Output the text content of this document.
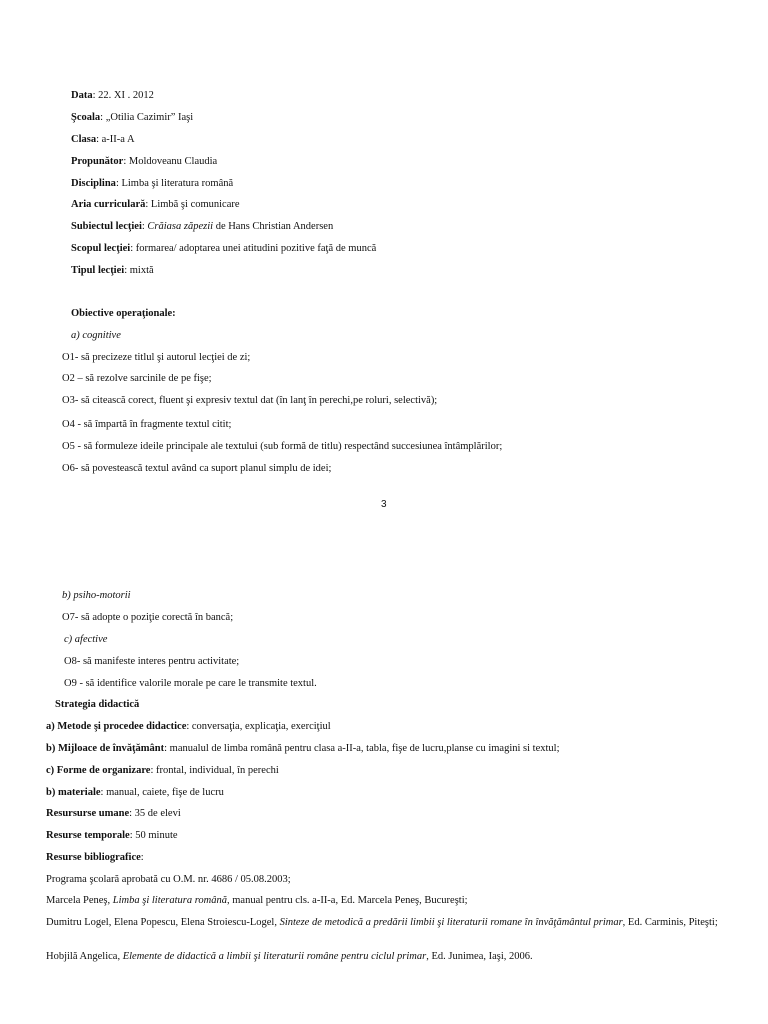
Data: 22. XI . 2012
Şcoala: „Otilia Cazimir” Iaşi
Clasa: a-II-a A
Propunător: Moldoveanu Claudia
Disciplina: Limba şi literatura română
Aria curriculară: Limbă şi comunicare
Subiectul lecţiei: Crăiasa zăpezii de Hans Christian Andersen
Scopul lecţiei: formarea/ adoptarea unei atitudini pozitive faţă de muncă
Tipul lecţiei: mixtă
Obiective operaţionale:
a) cognitive
O1- să precizeze titlul şi autorul lecţiei de zi;
O2 – să rezolve sarcinile de pe fişe;
O3- să citească corect, fluent şi expresiv textul dat (în lanţ în perechi,pe roluri, selectivă);
O4 - să împartă în fragmente textul citit;
O5 - să formuleze ideile principale ale textului (sub formă de titlu) respectând succesiunea întâmplărilor;
O6- să povestească textul având ca suport planul simplu de idei;
3
b) psiho-motorii
O7- să adopte o poziţie corectă în bancă;
c) afective
O8- să manifeste interes pentru activitate;
O9 - să identifice valorile morale pe care le transmite textul.
Strategia didactică
a) Metode şi procedee didactice: conversaţia, explicaţia, exerciţiul
b) Mijloace de învăţământ: manualul de limba română pentru clasa a-II-a, tabla, fişe de lucru,planse cu imagini si textul;
c) Forme de organizare: frontal, individual, în perechi
b) materiale: manual, caiete, fişe de lucru
Resursurse umane: 35 de elevi
Resurse temporale: 50 minute
Resurse bibliografice:
Programa şcolară aprobată cu O.M. nr. 4686 / 05.08.2003;
Marcela Peneş, Limba şi literatura română, manual pentru cls. a-II-a, Ed. Marcela Peneş, Bucureşti;
Dumitru Logel, Elena Popescu, Elena Stroiescu-Logel, Sinteze de metodică a predării limbii şi literaturii romane în învăţământul primar, Ed. Carminis, Piteşti;
Hobjilă Angelica, Elemente de didactică a limbii şi literaturii române pentru ciclul primar, Ed. Junimea, Iaşi, 2006.
